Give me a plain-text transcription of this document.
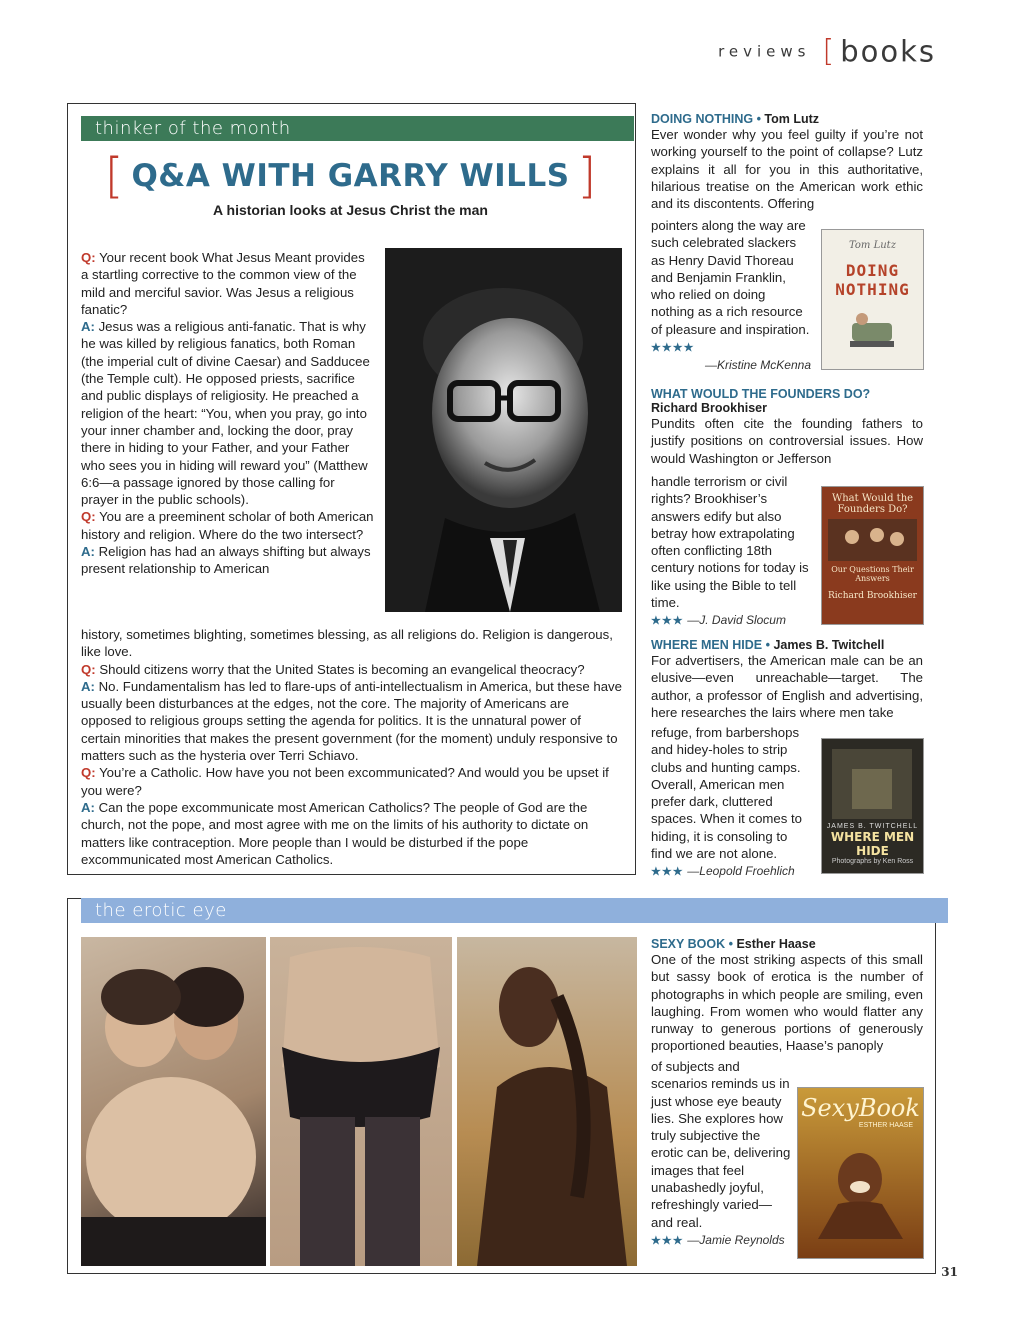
reviews [ books
thinker of the month
[ Q&A WITH GARRY WILLS ]
A historian looks at Jesus Christ the man
Q: Your recent book What Jesus Meant provides a startling corrective to the common view of the mild and merciful savior. Was Jesus a religious fanatic?
A: Jesus was a religious anti-fanatic. That is why he was killed by religious fanatics, both Roman (the imperial cult of divine Caesar) and Sadducee (the Temple cult). He opposed priests, sacrifice and public displays of religiosity. He preached a religion of the heart: “You, when you pray, go into your inner chamber and, locking the door, pray there in hiding to your Father, and your Father who sees you in hiding will reward you” (Matthew 6:6—a passage ignored by those calling for prayer in the public schools).
Q: You are a preeminent scholar of both American history and religion. Where do the two intersect?
A: Religion has had an always shifting but always present relationship to American
history, sometimes blighting, sometimes blessing, as all religions do. Religion is dangerous, like love.
Q: Should citizens worry that the United States is becoming an evangelical theocracy?
A: No. Fundamentalism has led to flare-ups of anti-intellectualism in America, but these have usually been disturbances at the edges, not the core. The majority of Americans are opposed to religious groups setting the agenda for politics. It is the unnatural power of certain minorities that makes the present government (for the moment) unduly responsive to matters such as the hysteria over Terri Schiavo.
Q: You’re a Catholic. How have you not been excommunicated? And would you be upset if you were?
A: Can the pope excommunicate most American Catholics? The people of God are the church, not the pope, and most agree with me on the limits of his authority to dictate on matters like contraception. More people than I would be disturbed if the pope excommunicated most American Catholics.
DOING NOTHING • Tom Lutz
Ever wonder why you feel guilty if you’re not working yourself to the point of collapse? Lutz explains it all for you in this authoritative, hilarious treatise on the American work ethic and its discontents. Offering
pointers along the way are such celebrated slackers as Henry David Thoreau and Benjamin Franklin, who relied on doing nothing as a rich resource of pleasure and inspiration. ★★★★
—Kristine McKenna
Tom Lutz
DOING
NOTHING
WHAT WOULD THE FOUNDERS DO?
Richard Brookhiser
Pundits often cite the founding fathers to justify positions on controversial issues. How would Washington or Jefferson
handle terrorism or civil rights? Brookhiser’s answers edify but also betray how extrapolating often conflicting 18th century notions for today is like using the Bible to tell time.
★★★ —J. David Slocum
What Would the Founders Do?
Our Questions Their Answers
Richard Brookhiser
WHERE MEN HIDE • James B. Twitchell
For advertisers, the American male can be an elusive—even unreachable—target. The author, a professor of English and advertising, here researches the lairs where men take
refuge, from barbershops and hidey-holes to strip clubs and hunting camps. Overall, American men prefer dark, cluttered spaces. When it comes to hiding, it is consoling to find we are not alone.
★★★ —Leopold Froehlich
JAMES B. TWITCHELL
WHERE MEN HIDE
Photographs by Ken Ross
the erotic eye
SEXY BOOK • Esther Haase
One of the most striking aspects of this small but sassy book of erotica is the number of photographs in which people are smiling, even laughing. From women who would flatter any runway to generous portions of generously proportioned beauties, Haase’s panoply
of subjects and scenarios reminds us in just whose eye beauty lies. She explores how truly subjective the erotic can be, delivering images that feel unabashedly joyful, refreshingly varied—and real.
★★★ —Jamie Reynolds
SexyBook
ESTHER HAASE
31
